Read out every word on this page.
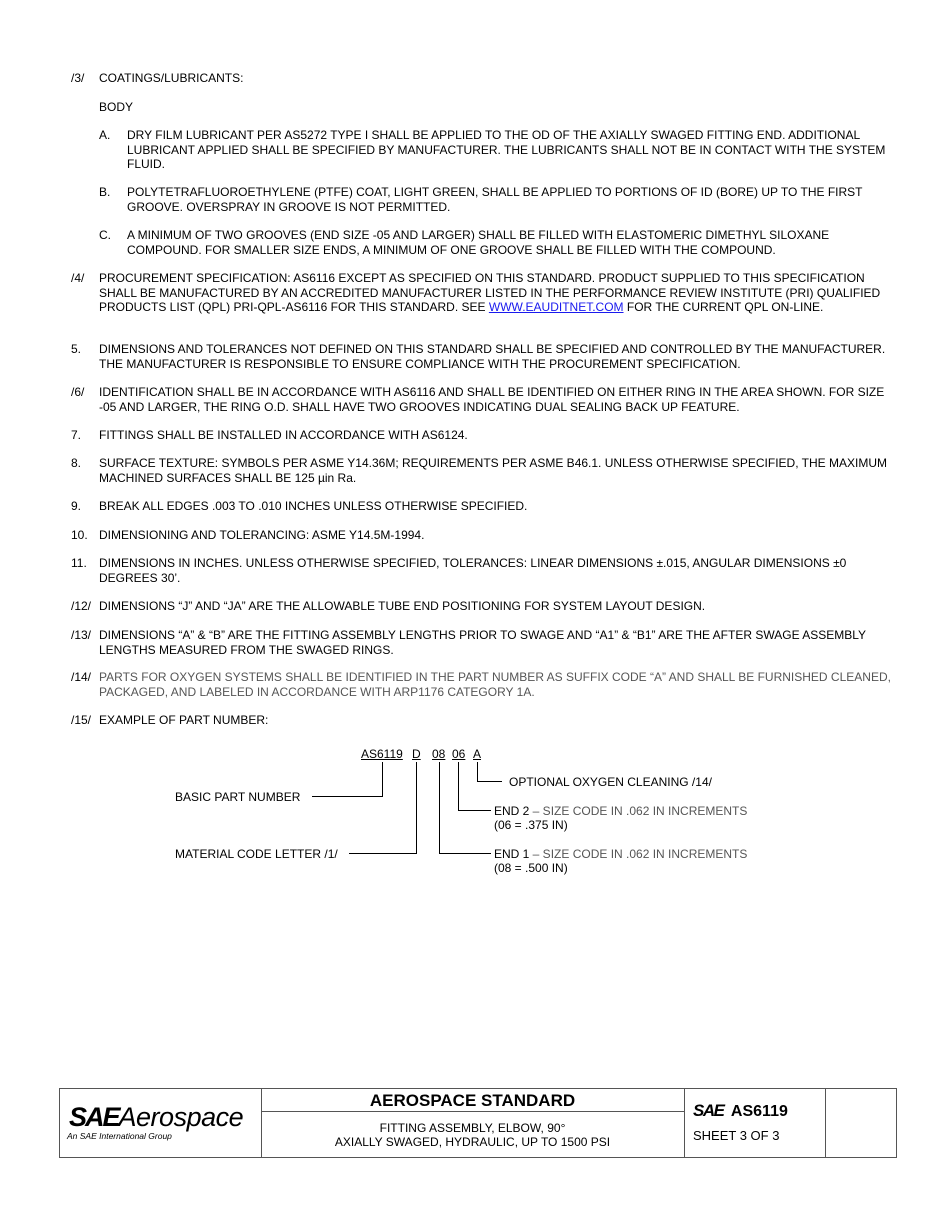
/3/ COATINGS/LUBRICANTS:
BODY
A. DRY FILM LUBRICANT PER AS5272 TYPE I SHALL BE APPLIED TO THE OD OF THE AXIALLY SWAGED FITTING END. ADDITIONAL LUBRICANT APPLIED SHALL BE SPECIFIED BY MANUFACTURER. THE LUBRICANTS SHALL NOT BE IN CONTACT WITH THE SYSTEM FLUID.
B. POLYTETRAFLUOROETHYLENE (PTFE) COAT, LIGHT GREEN, SHALL BE APPLIED TO PORTIONS OF ID (BORE) UP TO THE FIRST GROOVE. OVERSPRAY IN GROOVE IS NOT PERMITTED.
C. A MINIMUM OF TWO GROOVES (END SIZE -05 AND LARGER) SHALL BE FILLED WITH ELASTOMERIC DIMETHYL SILOXANE COMPOUND. FOR SMALLER SIZE ENDS, A MINIMUM OF ONE GROOVE SHALL BE FILLED WITH THE COMPOUND.
/4/ PROCUREMENT SPECIFICATION: AS6116 EXCEPT AS SPECIFIED ON THIS STANDARD. PRODUCT SUPPLIED TO THIS SPECIFICATION SHALL BE MANUFACTURED BY AN ACCREDITED MANUFACTURER LISTED IN THE PERFORMANCE REVIEW INSTITUTE (PRI) QUALIFIED PRODUCTS LIST (QPL) PRI-QPL-AS6116 FOR THIS STANDARD. SEE WWW.EAUDITNET.COM FOR THE CURRENT QPL ON-LINE.
5. DIMENSIONS AND TOLERANCES NOT DEFINED ON THIS STANDARD SHALL BE SPECIFIED AND CONTROLLED BY THE MANUFACTURER. THE MANUFACTURER IS RESPONSIBLE TO ENSURE COMPLIANCE WITH THE PROCUREMENT SPECIFICATION.
/6/ IDENTIFICATION SHALL BE IN ACCORDANCE WITH AS6116 AND SHALL BE IDENTIFIED ON EITHER RING IN THE AREA SHOWN. FOR SIZE -05 AND LARGER, THE RING O.D. SHALL HAVE TWO GROOVES INDICATING DUAL SEALING BACK UP FEATURE.
7. FITTINGS SHALL BE INSTALLED IN ACCORDANCE WITH AS6124.
8. SURFACE TEXTURE: SYMBOLS PER ASME Y14.36M; REQUIREMENTS PER ASME B46.1. UNLESS OTHERWISE SPECIFIED, THE MAXIMUM MACHINED SURFACES SHALL BE 125 µin Ra.
9. BREAK ALL EDGES .003 TO .010 INCHES UNLESS OTHERWISE SPECIFIED.
10. DIMENSIONING AND TOLERANCING: ASME Y14.5M-1994.
11. DIMENSIONS IN INCHES. UNLESS OTHERWISE SPECIFIED, TOLERANCES: LINEAR DIMENSIONS ±.015, ANGULAR DIMENSIONS ±0 DEGREES 30’.
/12/ DIMENSIONS “J” AND “JA” ARE THE ALLOWABLE TUBE END POSITIONING FOR SYSTEM LAYOUT DESIGN.
/13/ DIMENSIONS “A” & “B” ARE THE FITTING ASSEMBLY LENGTHS PRIOR TO SWAGE AND “A1” & “B1” ARE THE AFTER SWAGE ASSEMBLY LENGTHS MEASURED FROM THE SWAGED RINGS.
/14/ PARTS FOR OXYGEN SYSTEMS SHALL BE IDENTIFIED IN THE PART NUMBER AS SUFFIX CODE “A” AND SHALL BE FURNISHED CLEANED, PACKAGED, AND LABELED IN ACCORDANCE WITH ARP1176 CATEGORY 1A.
/15/ EXAMPLE OF PART NUMBER:
AS6119 D 08 06 A
OPTIONAL OXYGEN CLEANING /14/
BASIC PART NUMBER
END 2 – SIZE CODE IN .062 IN INCREMENTS
(06 = .375 IN)
MATERIAL CODE LETTER /1/	END 1 – SIZE CODE IN .062 IN INCREMENTS
(08 = .500 IN)
SAEAerospace
An SAE International Group
AEROSPACE STANDARD
FITTING ASSEMBLY, ELBOW, 90°
AXIALLY SWAGED, HYDRAULIC, UP TO 1500 PSI
SAE AS6119
SHEET 3 OF 3
